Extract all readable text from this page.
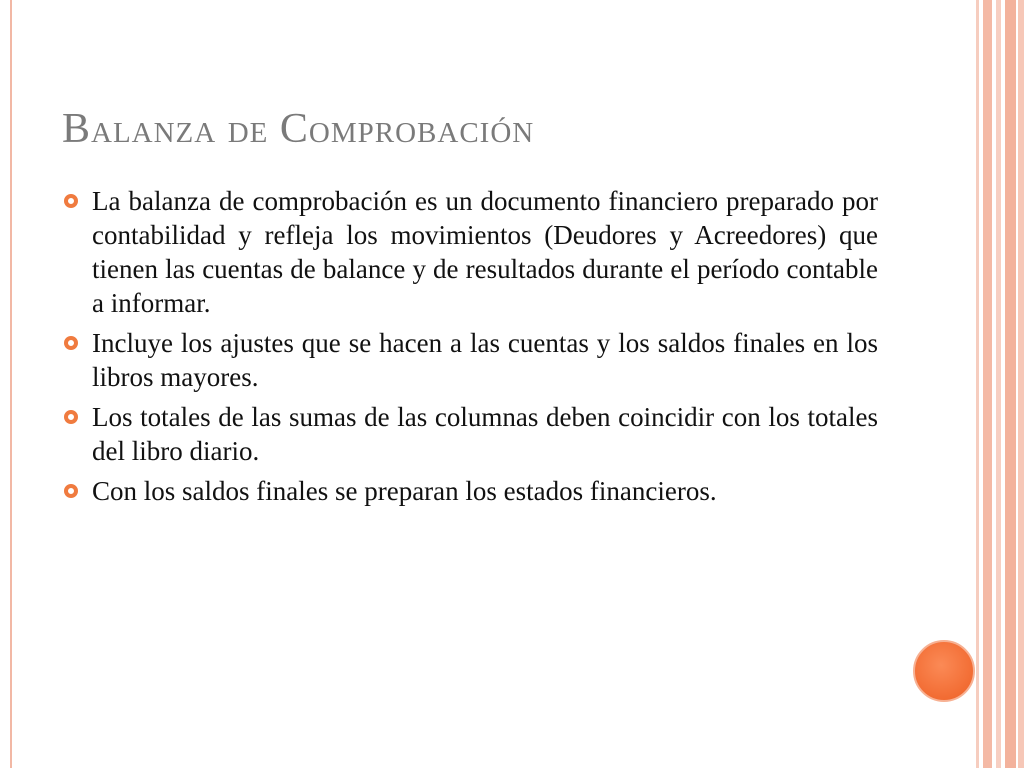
Balanza de Comprobación
La balanza de comprobación es un documento financiero preparado por contabilidad y refleja los movimientos (Deudores y Acreedores) que tienen las cuentas de balance y de resultados durante el período contable a informar.
Incluye los ajustes que se hacen a las cuentas y los saldos finales en los libros mayores.
Los totales de las sumas de las columnas deben coincidir con los totales del libro diario.
Con los saldos finales se preparan los estados financieros.
